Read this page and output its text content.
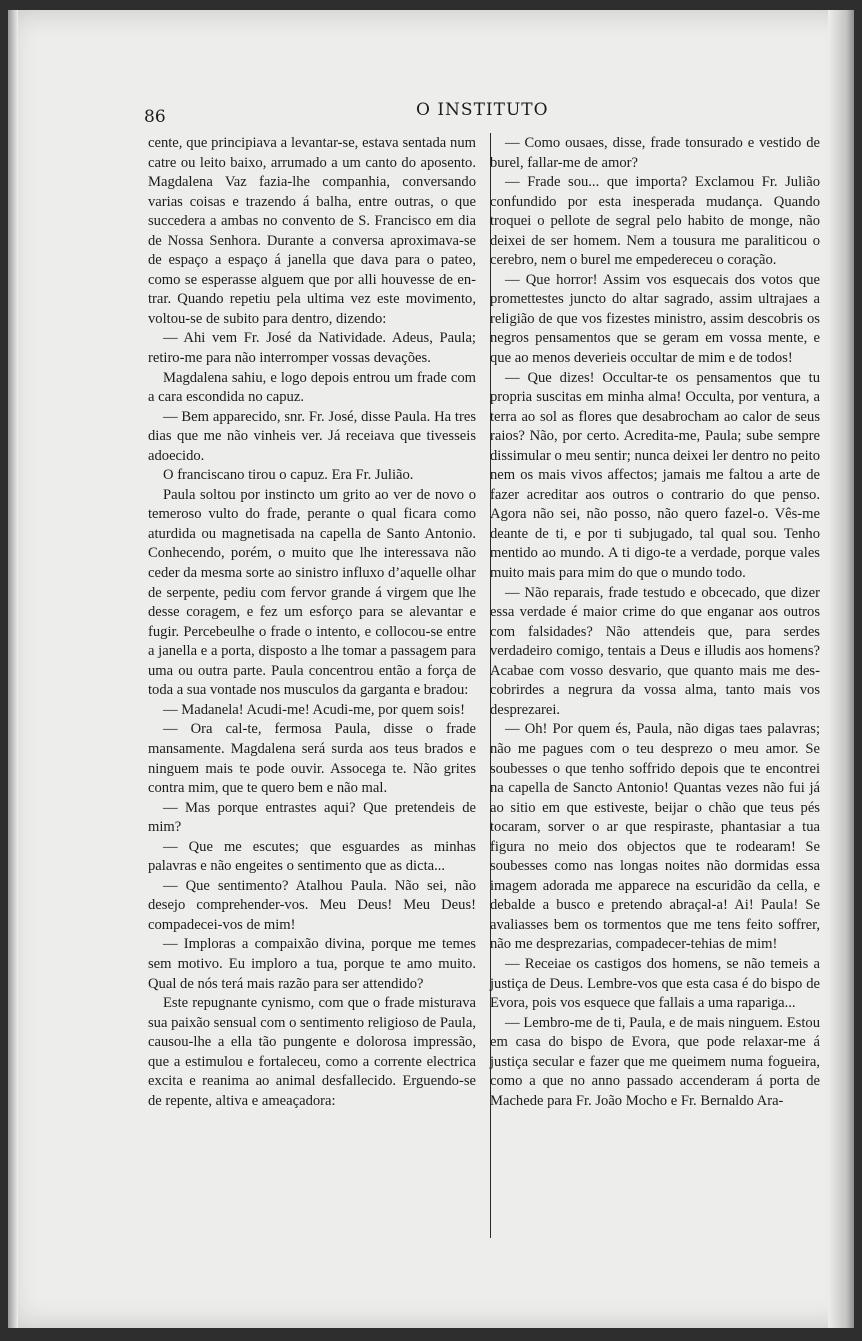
86	O INSTITUTO

cente, que principiava a levantar-se, estava sentada num catre ou leito baixo, arrumado a um canto do aposento. Magdalena Vaz fazia-lhe companhia, conversando varias coisas e trazendo á balha, entre outras, o que succedera a ambas no convento de S. Francisco em dia de Nossa Senhora. Durante a conversa aproximava-se de espaço a espaço á janella que dava para o pateo, como se esperasse alguem que por alli houvesse de entrar. Quando repetiu pela ultima vez este movimento, voltou-se de subito para dentro, dizendo:

— Ahi vem Fr. José da Natividade. Adeus, Paula; retiro-me para não interromper vossas devações.

Magdalena sahiu, e logo depois entrou um frade com a cara escondida no capuz.

— Bem apparecido, snr. Fr. José, disse Paula. Ha tres dias que me não vinheis ver. Já receiava que tivesseis adoecido.

O franciscano tirou o capuz. Era Fr. Julião.

Paula soltou por instincto um grito ao ver de novo o temeroso vulto do frade, perante o qual ficara como aturdida ou magnetisada na capella de Santo Antonio. Conhecendo, porém, o muito que lhe interessava não ceder da mesma sorte ao sinistro influxo d’aquelle olhar de serpente, pediu com fervor grande á virgem que lhe desse coragem, e fez um esforço para se alevantar e fugir. Percebeulhe o frade o intento, e collocou-se entre a janella e a porta, disposto a lhe tomar a passagem para uma ou outra parte. Paula concentrou então a força de toda a sua vontade nos musculos da garganta e bradou:

— Madanela! Acudi-me! Acudi-me, por quem sois!

— Ora cal-te, fermosa Paula, disse o frade mansamente. Magdalena será surda aos teus brados e ninguem mais te pode ouvir. Assocega te. Não grites contra mim, que te quero bem e não mal.

— Mas porque entrastes aqui? Que pretendeis de mim?

— Que me escutes; que esguardes as minhas palavras e não engeites o sentimento que as dicta...

— Que sentimento? Atalhou Paula. Não sei, não desejo comprehender-vos. Meu Deus! Meu Deus! compadecei-vos de mim!

— Imploras a compaixão divina, porque me temes sem motivo. Eu imploro a tua, porque te amo muito. Qual de nós terá mais razão para ser attendido?

Este repugnante cynismo, com que o frade misturava sua paixão sensual com o sentimento religioso de Paula, causou-lhe a ella tão pungente e dolorosa impressão, que a estimulou e fortaleceu, como a corrente electrica excita e reanima ao animal desfallecido. Erguendo-se de repente, altiva e ameaçadora:

— Como ousaes, disse, frade tonsurado e vestido de burel, fallar-me de amor?

— Frade sou... que importa? Exclamou Fr. Julião confundido por esta inesperada mudança. Quando troquei o pellote de segral pelo habito de monge, não deixei de ser homem. Nem a tousura me paraliticou o cerebro, nem o burel me empedereceu o coração.

— Que horror! Assim vos esquecais dos votos que promettestes juncto do altar sagrado, assim ultrajaes a religião de que vos fizestes ministro, assim descobris os negros pensamentos que se geram em vossa mente, e que ao menos deverieis occultar de mim e de todos!

— Que dizes! Occultar-te os pensamentos que tu propria suscitas em minha alma! Occulta, por ventura, a terra ao sol as flores que desabrocham ao calor de seus raios? Não, por certo. Acredita-me, Paula; sube sempre dissimular o meu sentir; nunca deixei ler dentro no peito nem os mais vivos affectos; jamais me faltou a arte de fazer acreditar aos outros o contrario do que penso. Agora não sei, não posso, não quero fazel-o. Vês-me deante de ti, e por ti subjugado, tal qual sou. Tenho mentido ao mundo. A ti digo-te a verdade, porque vales muito mais para mim do que o mundo todo.

— Não reparais, frade testudo e obcecado, que dizer essa verdade é maior crime do que enganar aos outros com falsidades? Não attendeis que, para serdes verdadeiro comigo, tentais a Deus e illudis aos homens? Acabae com vosso desvario, que quanto mais me descobrirdes a negrura da vossa alma, tanto mais vos desprezarei.

— Oh! Por quem és, Paula, não digas taes palavras; não me pagues com o teu desprezo o meu amor. Se soubesses o que tenho soffrido depois que te encontrei na capella de Sancto Antonio! Quantas vezes não fui já ao sitio em que estiveste, beijar o chão que teus pés tocaram, sorver o ar que respiraste, phantasiar a tua figura no meio dos objectos que te rodearam! Se soubesses como nas longas noites não dormidas essa imagem adorada me apparece na escuridão da cella, e debalde a busco e pretendo abraçal-a! Ai! Paula! Se avaliasses bem os tormentos que me tens feito soffrer, não me desprezarias, compadecer-tehias de mim!

— Receiae os castigos dos homens, se não temeis a justiça de Deus. Lembre-vos que esta casa é do bispo de Evora, pois vos esquece que fallais a uma rapariga...

— Lembro-me de ti, Paula, e de mais ninguem. Estou em casa do bispo de Evora, que pode relaxar-me á justiça secular e fazer que me queimem numa fogueira, como a que no anno passado accenderam á porta de Machede para Fr. João Mocho e Fr. Bernaldo Ara-
